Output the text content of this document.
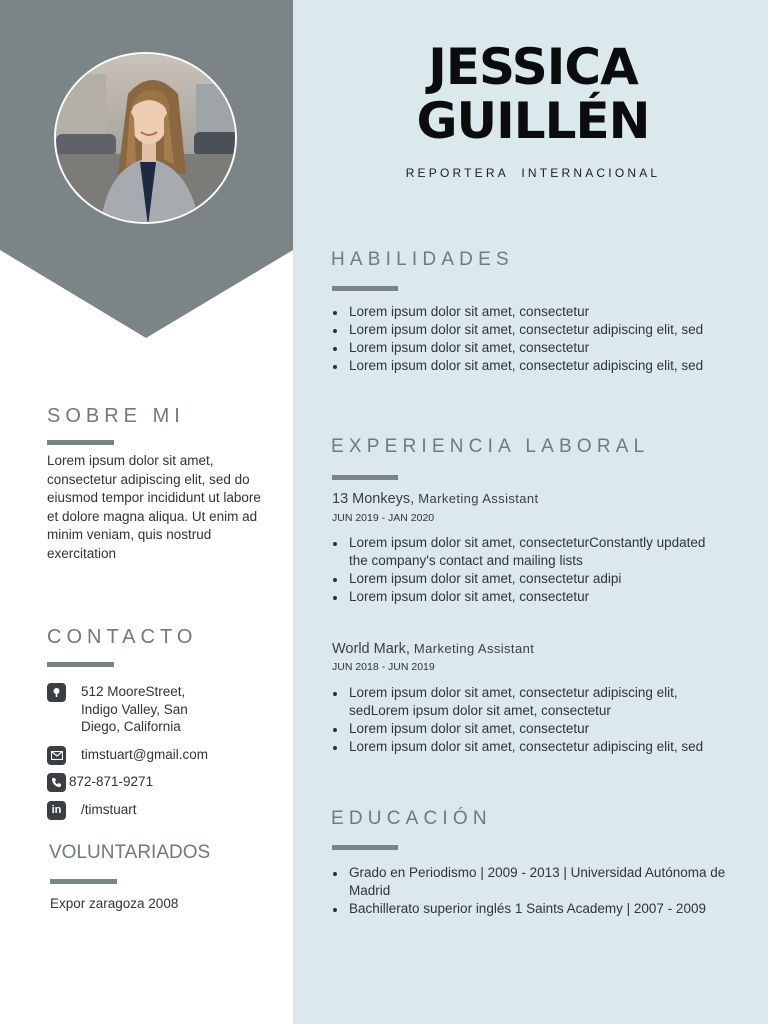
SOBRE MI

Lorem ipsum dolor sit amet, consectetur adipiscing elit, sed do eiusmod tempor incididunt ut labore et dolore magna aliqua. Ut enim ad minim veniam, quis nostrud exercitation

CONTACTO
512 MooreStreet,
Indigo Valley, San
Diego, California
timstuart@gmail.com
872-871-9271
in	/timstuart
VOLUNTARIADOS
Expor zaragoza 2008
JESSICA
GUILLÉN
REPORTERA  INTERNACIONAL
HABILIDADES
Lorem ipsum dolor sit amet, consectetur
Lorem ipsum dolor sit amet, consectetur adipiscing elit, sed
Lorem ipsum dolor sit amet, consectetur
Lorem ipsum dolor sit amet, consectetur adipiscing elit, sed
EXPERIENCIA LABORAL
13 Monkeys, Marketing Assistant
JUN 2019 - JAN 2020
Lorem ipsum dolor sit amet, consecteturConstantly updated the company's contact and mailing lists
Lorem ipsum dolor sit amet, consectetur adipi
Lorem ipsum dolor sit amet, consectetur
World Mark, Marketing Assistant
JUN 2018 - JUN 2019
Lorem ipsum dolor sit amet, consectetur adipiscing elit, sedLorem ipsum dolor sit amet, consectetur
Lorem ipsum dolor sit amet, consectetur
Lorem ipsum dolor sit amet, consectetur adipiscing elit, sed
EDUCACIÓN
Grado en Periodismo | 2009 - 2013 | Universidad Autónoma de Madrid
Bachillerato superior inglés 1 Saints Academy | 2007 - 2009
